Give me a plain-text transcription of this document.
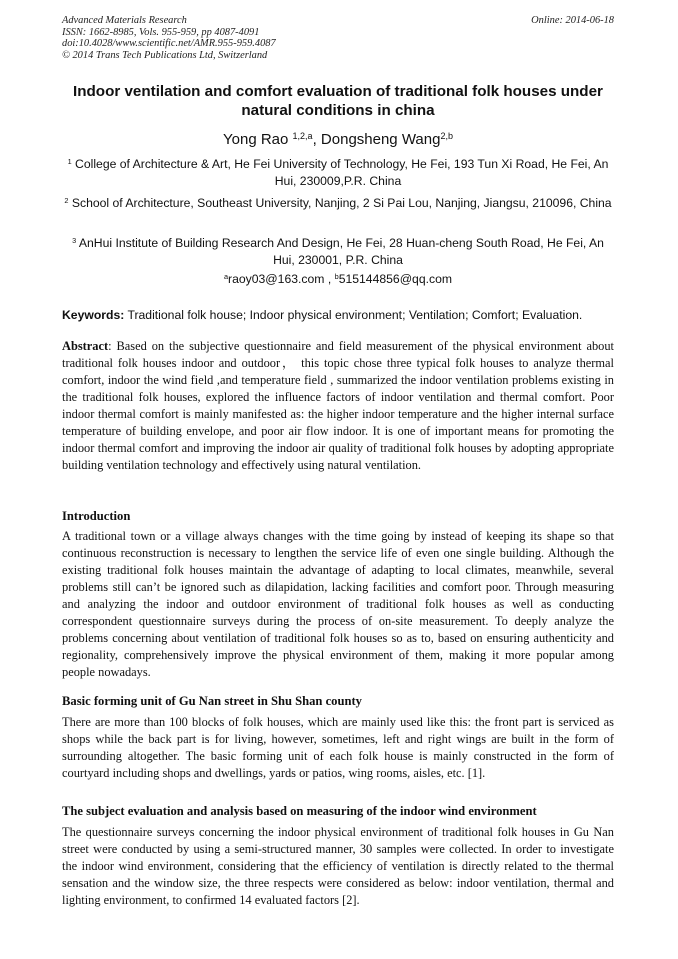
Advanced Materials Research
ISSN: 1662-8985, Vols. 955-959, pp 4087-4091
doi:10.4028/www.scientific.net/AMR.955-959.4087
© 2014 Trans Tech Publications Ltd, Switzerland
Online: 2014-06-18
Indoor ventilation and comfort evaluation of traditional folk houses under natural conditions in china
Yong Rao $^{1,2,a}$, Dongsheng Wang$^{2,b}$
$^1$ College of Architecture & Art, He Fei University of Technology, He Fei, 193 Tun Xi Road, He Fei, An Hui, 230009,P.R. China
$^2$ School of Architecture, Southeast University, Nanjing, 2 Si Pai Lou, Nanjing, Jiangsu, 210096, China
$^3$ AnHui Institute of Building Research And Design, He Fei, 28 Huan-cheng South Road, He Fei, An Hui, 230001, P.R. China
$^a$raoy03@163.com , $^b$515144856@qq.com
Keywords: Traditional folk house; Indoor physical environment; Ventilation; Comfort; Evaluation.
Abstract: Based on the subjective questionnaire and field measurement of the physical environment about traditional folk houses indoor and outdoor， this topic chose three typical folk houses to analyze thermal comfort, indoor the wind field ,and temperature field , summarized the indoor ventilation problems existing in the traditional folk houses, explored the influence factors of indoor ventilation and thermal comfort. Poor indoor thermal comfort is mainly manifested as: the higher indoor temperature and the higher internal surface temperature of building envelope, and poor air flow indoor. It is one of important means for promoting the indoor thermal comfort and improving the indoor air quality of traditional folk houses by adopting appropriate building ventilation technology and effectively using natural ventilation.
Introduction
A traditional town or a village always changes with the time going by instead of keeping its shape so that continuous reconstruction is necessary to lengthen the service life of even one single building. Although the existing traditional folk houses maintain the advantage of adapting to local climates, meanwhile, several problems still can’t be ignored such as dilapidation, lacking facilities and comfort poor. Through measuring and analyzing the indoor and outdoor environment of traditional folk houses as well as conducting correspondent questionnaire surveys during the process of on-site measurement. To deeply analyze the problems concerning about ventilation of traditional folk houses so as to, based on ensuring authenticity and regionality, comprehensively improve the physical environment of them, making it more popular among people nowadays.
Basic forming unit of Gu Nan street in Shu Shan county
There are more than 100 blocks of folk houses, which are mainly used like this: the front part is serviced as shops while the back part is for living, however, sometimes, left and right wings are built in the form of surrounding altogether. The basic forming unit of each folk house is mainly constructed in the form of courtyard including shops and dwellings, yards or patios, wing rooms, aisles, etc. [1].
The subject evaluation and analysis based on measuring of the indoor wind environment
The questionnaire surveys concerning the indoor physical environment of traditional folk houses in Gu Nan street were conducted by using a semi-structured manner, 30 samples were collected. In order to investigate the indoor wind environment, considering that the efficiency of ventilation is directly related to the thermal sensation and the window size, the three respects were considered as below: indoor ventilation, thermal and lighting environment, to confirmed 14 evaluated factors [2].
